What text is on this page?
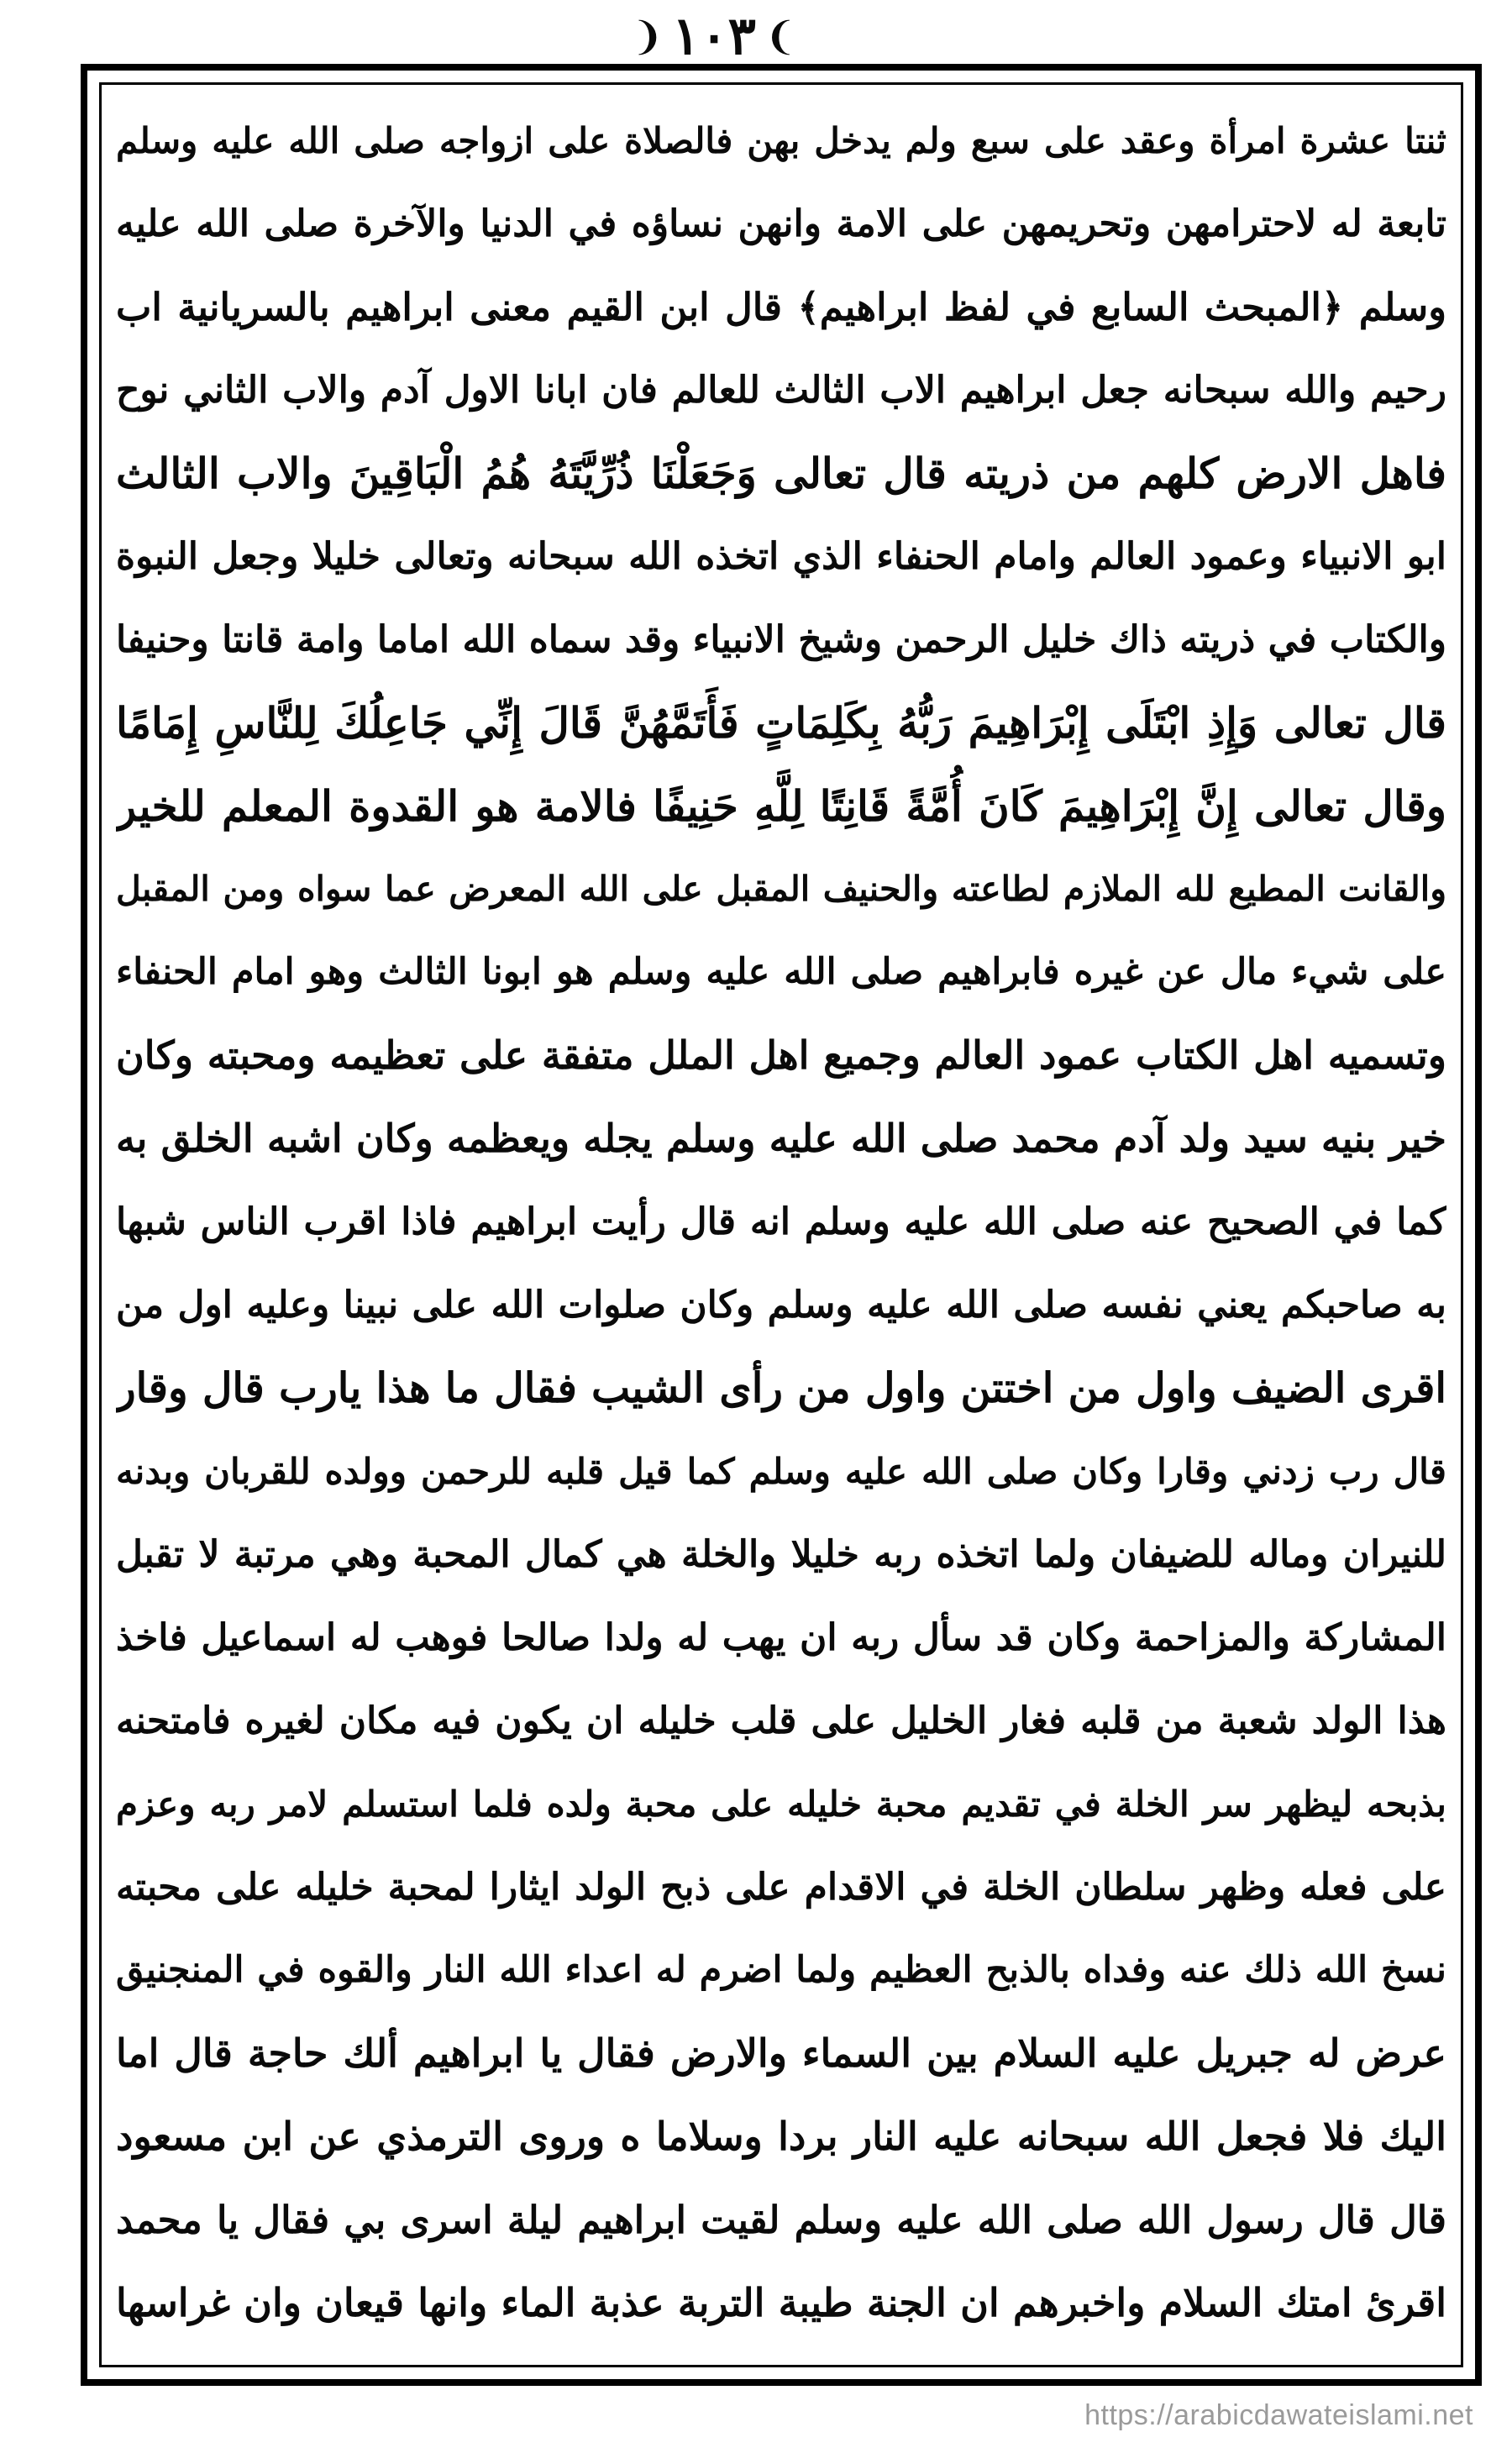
❩ ۱۰۳ ❨
ثنتا عشرة امرأة وعقد على سبع ولم يدخل بهن فالصلاة على ازواجه صلى الله عليه وسلم
تابعة له لاحترامهن وتحريمهن على الامة وانهن نساؤه في الدنيا والآخرة صلى الله عليه
وسلم ﴿المبحث السابع في لفظ ابراهيم﴾ قال ابن القيم معنى ابراهيم بالسريانية اب
رحيم والله سبحانه جعل ابراهيم الاب الثالث للعالم فان ابانا الاول آدم والاب الثاني نوح
فاهل الارض كلهم من ذريته قال تعالى وَجَعَلْنَا ذُرِّيَّتَهُ هُمُ الْبَاقِينَ والاب الثالث
ابو الانبياء وعمود العالم وامام الحنفاء الذي اتخذه الله سبحانه وتعالى خليلا وجعل النبوة
والكتاب في ذريته ذاك خليل الرحمن وشيخ الانبياء وقد سماه الله اماما وامة قانتا وحنيفا
قال تعالى وَإِذِ ابْتَلَى إِبْرَاهِيمَ رَبُّهُ بِكَلِمَاتٍ فَأَتَمَّهُنَّ قَالَ إِنِّي جَاعِلُكَ لِلنَّاسِ إِمَامًا
وقال تعالى إِنَّ إِبْرَاهِيمَ كَانَ أُمَّةً قَانِتًا لِلَّهِ حَنِيفًا فالامة هو القدوة المعلم للخير
والقانت المطيع لله الملازم لطاعته والحنيف المقبل على الله المعرض عما سواه ومن المقبل
على شيء مال عن غيره فابراهيم صلى الله عليه وسلم هو ابونا الثالث وهو امام الحنفاء
وتسميه اهل الكتاب عمود العالم وجميع اهل الملل متفقة على تعظيمه ومحبته وكان
خير بنيه سيد ولد آدم محمد صلى الله عليه وسلم يجله ويعظمه وكان اشبه الخلق به
كما في الصحيح عنه صلى الله عليه وسلم انه قال رأيت ابراهيم فاذا اقرب الناس شبها
به صاحبكم يعني نفسه صلى الله عليه وسلم وكان صلوات الله على نبينا وعليه اول من
اقرى الضيف واول من اختتن واول من رأى الشيب فقال ما هذا يارب قال وقار
قال رب زدني وقارا وكان صلى الله عليه وسلم كما قيل قلبه للرحمن وولده للقربان وبدنه
للنيران وماله للضيفان ولما اتخذه ربه خليلا والخلة هي كمال المحبة وهي مرتبة لا تقبل
المشاركة والمزاحمة وكان قد سأل ربه ان يهب له ولدا صالحا فوهب له اسماعيل فاخذ
هذا الولد شعبة من قلبه فغار الخليل على قلب خليله ان يكون فيه مكان لغيره فامتحنه
بذبحه ليظهر سر الخلة في تقديم محبة خليله على محبة ولده فلما استسلم لامر ربه وعزم
على فعله وظهر سلطان الخلة في الاقدام على ذبح الولد ايثارا لمحبة خليله على محبته
نسخ الله ذلك عنه وفداه بالذبح العظيم ولما اضرم له اعداء الله النار والقوه في المنجنيق
عرض له جبريل عليه السلام بين السماء والارض فقال يا ابراهيم ألك حاجة قال اما
اليك فلا فجعل الله سبحانه عليه النار بردا وسلاما ه وروى الترمذي عن ابن مسعود
قال قال رسول الله صلى الله عليه وسلم لقيت ابراهيم ليلة اسرى بي فقال يا محمد
اقرئ امتك السلام واخبرهم ان الجنة طيبة التربة عذبة الماء وانها قيعان وان غراسها
https://arabicdawateislami.net
